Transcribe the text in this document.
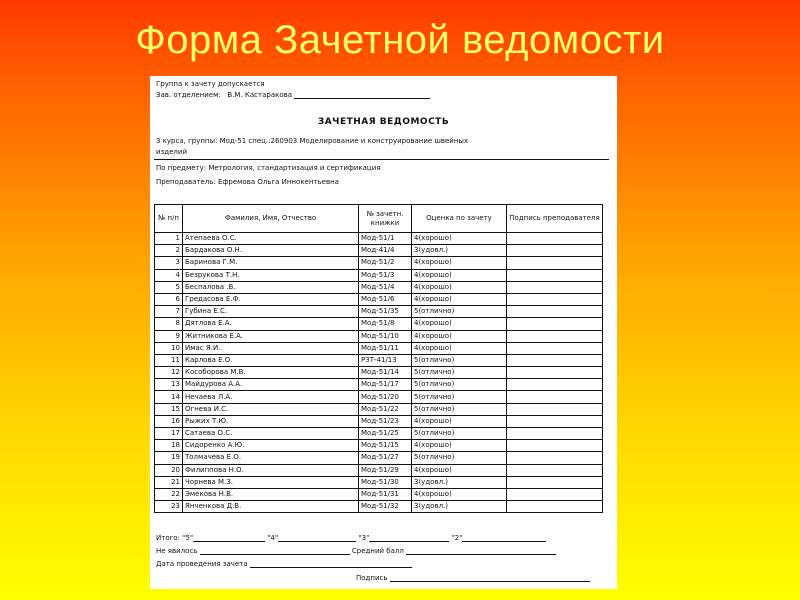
Форма Зачетной ведомости
Группа к зачету допускается
Зав. отделением: В.М. Кастаракова
ЗАЧЕТНАЯ ВЕДОМОСТЬ
3 курса, группы: Мод-51 спец.:260903 Моделирование и конструирование швейных
изделий
По предмету: Метрология, стандартизация и сертификация
Преподаватель: Ефремова Ольга Иннокентьевна
№ п/п	Фамилия, Имя, Отчество	№ зачетн. книжки	Оценка по зачету	Подпись преподавателя
1	Атепаева О.С.	Мод-51/1	4(хорошо)	
2	Бардакова О.Н.	Мод-41/4	3(удовл.)	
3	Баринова Г.М.	Мод-51/2	4(хорошо)	
4	Безрукова Т.Н.	Мод-51/3	4(хорошо)	
5	Беспалова .В.	Мод-51/4	4(хорошо)	
6	Гредасова Е.Ф.	Мод-51/6	4(хорошо)	
7	Губина Е.С.	Мод-51/35	5(отлично)	
8	Дятлова Е.А.	Мод-51/8	4(хорошо)	
9	Житникова Е.А.	Мод-51/10	4(хорошо)	
10	Имас Я.И.	Мод-51/11	4(хорошо)	
11	Карлова Е.О.	РЗТ-41/13	5(отлично)	
12	Кособорова М.В.	Мод-51/14	5(отлично)	
13	Майдурова А.А.	Мод-51/17	5(отлично)	
14	Нечаева Л.А.	Мод-51/20	5(отлично)	
15	Огнева И.С.	Мод-51/22	5(отлично)	
16	Рыжих Т.Ю.	Мод-51/23	4(хорошо)	
17	Сатаева О.С.	Мод-51/25	5(отлично)	
18	Сидоренко А.Ю.	Мод-51/15	4(хорошо)	
19	Толмачева Е.О.	Мод-51/27	5(отлично)	
20	Филиппова Н.О.	Мод-51/29	4(хорошо)	
21	Чорнева М.З.	Мод-51/30	3(удовл.)	
22	Эмекова Н.В.	Мод-51/31	4(хорошо)	
23	Янченкова Д.В.	Мод-51/32	3(удовл.)	
Итого: "5"	"4"	"3"	"2"
Не явилось	Средний балл
Дата проведения зачета
Подпись
